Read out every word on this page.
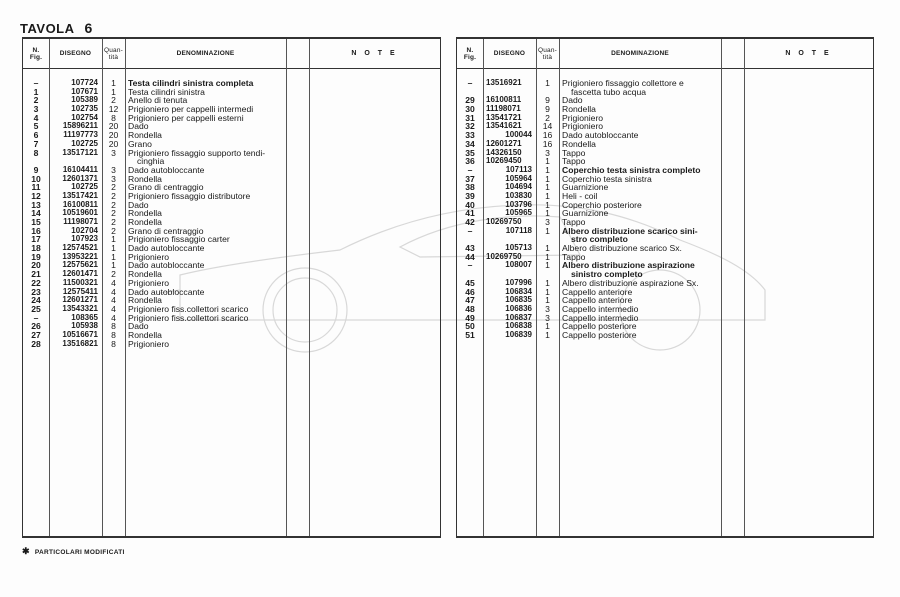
TAVOLA 6
N.
Fig.	DISEGNO	Quan-
tità	DENOMINAZIONE	N O T E
–	107724	1	Testa cilindri sinistra completa
1	107671	1	Testa cilindri sinistra
2	105389	2	Anello di tenuta
3	102735	12	Prigioniero per cappelli intermedi
4	102754	8	Prigioniero per cappelli esterni
5	15896211	20	Dado
6	11197773	20	Rondella
7	102725	20	Grano
8	13517121	3	Prigioniero fissaggio supporto tendi-
cinghia
9	16104411	3	Dado autobloccante
10	12601371	3	Rondella
11	102725	2	Grano di centraggio
12	13517421	2	Prigioniero fissaggio distributore
13	16100811	2	Dado
14	10519601	2	Rondella
15	11198071	2	Rondella
16	102704	2	Grano di centraggio
17	107923	1	Prigioniero fissaggio carter
18	12574521	1	Dado autobloccante
19	13953221	1	Prigioniero
20	12575621	1	Dado autobloccante
21	12601471	2	Rondella
22	11500321	4	Prigioniero
23	12575411	4	Dado autobloccante
24	12601271	4	Rondella
25	13543321	4	Prigioniero fiss.collettori scarico
–	108365	4	Prigioniero fiss.collettori scarico
26	105938	8	Dado
27	10516671	8	Rondella
28	13516821	8	Prigioniero
N.
Fig.	DISEGNO	Quan-
tità	DENOMINAZIONE	N O T E
–	13516921	1	Prigioniero fissaggio collettore e
fascetta tubo acqua
29	16100811	9	Dado
30	11198071	9	Rondella
31	13541721	2	Prigioniero
32	13541621	14	Prigioniero
33	100044	16	Dado autobloccante
34	12601271	16	Rondella
35	14326150	3	Tappo
36	10269450	1	Tappo
–	107113	1	Coperchio testa sinistra completo
37	105964	1	Coperchio testa sinistra
38	104694	1	Guarnizione
39	103830	1	Heli - coil
40	103796	1	Coperchio posteriore
41	105965	1	Guarnizione
42	10269750	3	Tappo
–	107118	1	Albero distribuzione scarico sini-
stro completo
43	105713	1	Albero distribuzione scarico Sx.
44	10269750	1	Tappo
–	108007	1	Albero distribuzione aspirazione
sinistro completo
45	107996	1	Albero distribuzione aspirazione Sx.
46	106834	1	Cappello anteriore
47	106835	1	Cappello anteriore
48	106836	3	Cappello intermedio
49	106837	3	Cappello intermedio
50	106838	1	Cappello posteriore
51	106839	1	Cappello posteriore
✱ PARTICOLARI MODIFICATI
